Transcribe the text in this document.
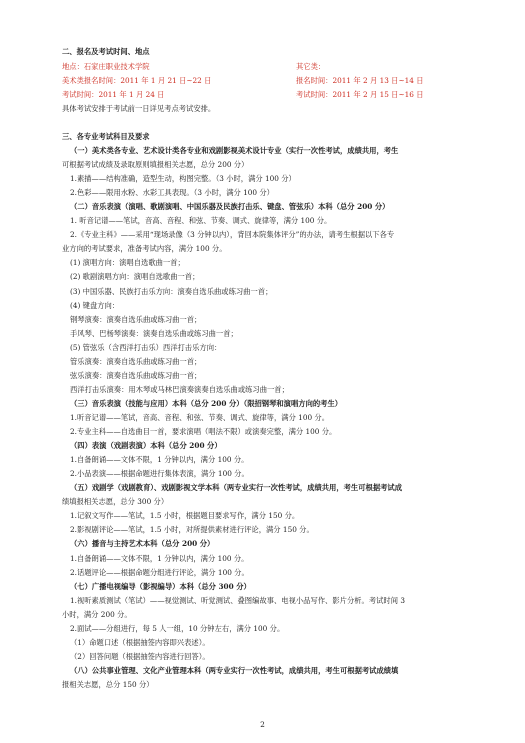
二、报名及考试时间、地点
地点：石家庄职业技术学院	其它类：
美术类报名时间：2011 年 1 月 21 日~22 日	报名时间：2011 年 2 月 13 日~14 日
考试时间：2011 年 1 月 24 日	考试时间：2011 年 2 月 15 日~16 日
具体考试安排于考试前一日详见考点考试安排。
三、各专业考试科目及要求
（一）美术类各专业、艺术设计类各专业和戏剧影视美术设计专业（实行一次性考试，成绩共用，考生
可根据考试成绩及录取原则填报相关志愿，总分 200 分）
1.素描——结构准确，造型生动，构图完整。（3 小时，满分 100 分）
2.色彩——限用水粉、水彩工具表现。（3 小时，满分 100 分）
（二）音乐表演（演唱、歌剧演唱、中国乐器及民族打击乐、键盘、管弦乐）本科（总分 200 分）
1. 听音记谱——笔试，音高、音程、和弦、节奏、调式、旋律等，满分 100 分。
2.《专业主科》——采用“现场录像（3 分钟以内），背回本院集体评分”的办法，请考生根据以下各专
业方向的考试要求，准备考试内容，满分 100 分。
(1) 演唱方向：演唱自选歌曲一首；
(2) 歌剧演唱方向：演唱自选歌曲一首；
(3) 中国乐器、民族打击乐方向：演奏自选乐曲或练习曲一首；
(4) 键盘方向：
钢琴演奏：演奏自选乐曲或练习曲一首；
手风琴、巴杨琴演奏：演奏自选乐曲或练习曲一首；
(5) 管弦乐（含西洋打击乐）西洋打击乐方向：
管乐演奏：演奏自选乐曲或练习曲一首；
弦乐演奏：演奏自选乐曲或练习曲一首；
西洋打击乐演奏：用木琴或马林巴演奏演奏自选乐曲或练习曲一首；
（三）音乐表演（技能与应用）本科（总分 200 分）（限招钢琴和演唱方向的考生）
1.听音记谱——笔试，音高、音程、和弦、节奏、调式、旋律等，满分 100 分。
2.专业主科——自选曲目一首，要求演唱（唱法不限）或演奏完整，满分 100 分。
（四）表演（戏剧表演）本科（总分 200 分）
1.自备朗诵——文体不限，1 分钟以内，满分 100 分。
2.小品表演——根据命题进行集体表演，满分 100 分。
（五）戏剧学（戏剧教育）、戏剧影视文学本科（两专业实行一次性考试，成绩共用，考生可根据考试成
绩填报相关志愿，总分 300 分）
1.记叙文写作——笔试，1.5 小时，根据题目要求写作，满分 150 分。
2.影视剧评论——笔试，1.5 小时，对所提供素材进行评论，满分 150 分。
（六）播音与主持艺术本科（总分 200 分）
1.自备朗诵——文体不限，1 分钟以内，满分 100 分。
2.话题评论——根据命题分组进行评论，满分 100 分。
（七）广播电视编导（影视编导）本科（总分 300 分）
1.视听素质测试（笔试）——视觉测试、听觉测试、叠图编故事、电视小品写作、影片分析。考试时间 3
小时，满分 200 分。
2.面试——分组进行，每 5 人一组，10 分钟左右，满分 100 分。
（1）命题口述（根据抽签内容即兴表述）。
（2）回答问题（根据抽签内容进行回答）。
（八）公共事业管理、文化产业管理本科（两专业实行一次性考试，成绩共用，考生可根据考试成绩填
报相关志愿，总分 150 分）
2
